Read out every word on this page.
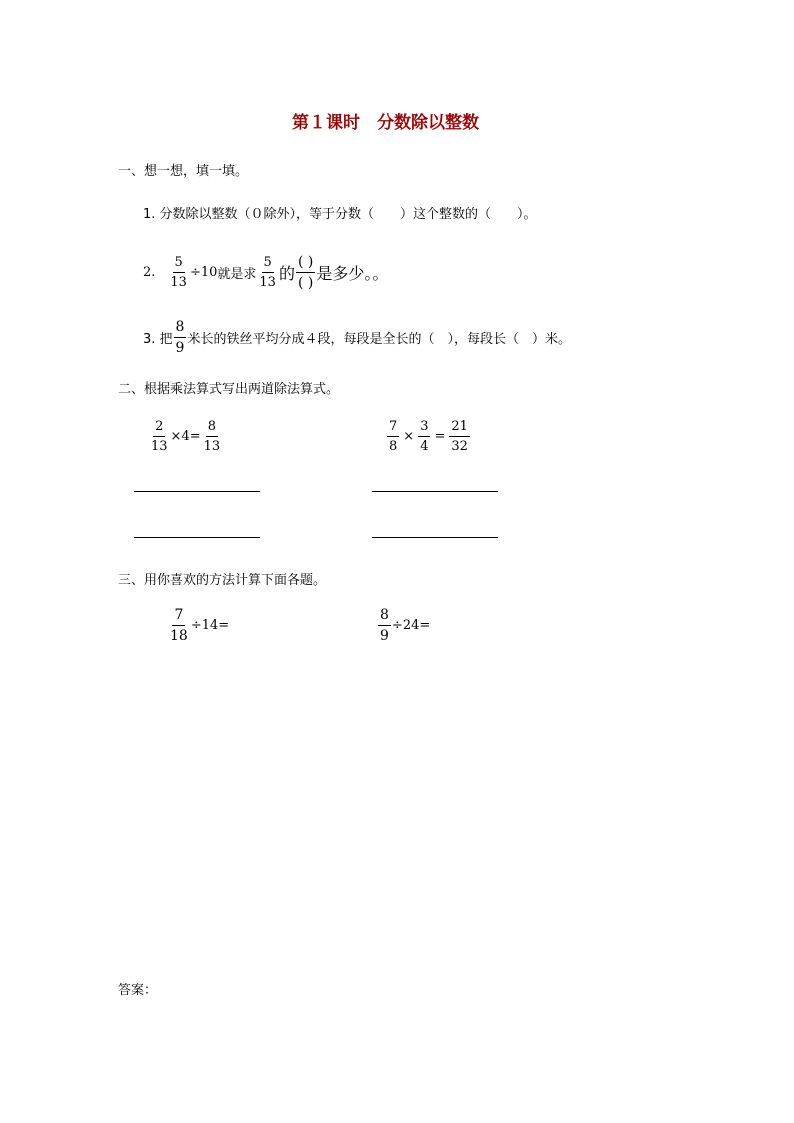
第１课时　分数除以整数
一、想一想，填一填。
1. 分数除以整数（０除外），等于分数（　　）这个整数的（　　）。
2. $\frac{5}{13} \div 10$ 就是求 $\frac{5}{13}$ 的 $\frac{( )}{( )}$ 是多少。。
3. 把 $\frac{8}{9}$ 米长的铁丝平均分成４段，每段是全长的（　），每段长（　）米。
二、根据乘法算式写出两道除法算式。
$\frac{2}{13} \times 4= \frac{8}{13}$	$\frac{7}{8} \times \frac{3}{4} = \frac{21}{32}$
三、用你喜欢的方法计算下面各题。
$\frac{7}{18} \div 14=$	$\frac{8}{9} \div 24=$
答案：
